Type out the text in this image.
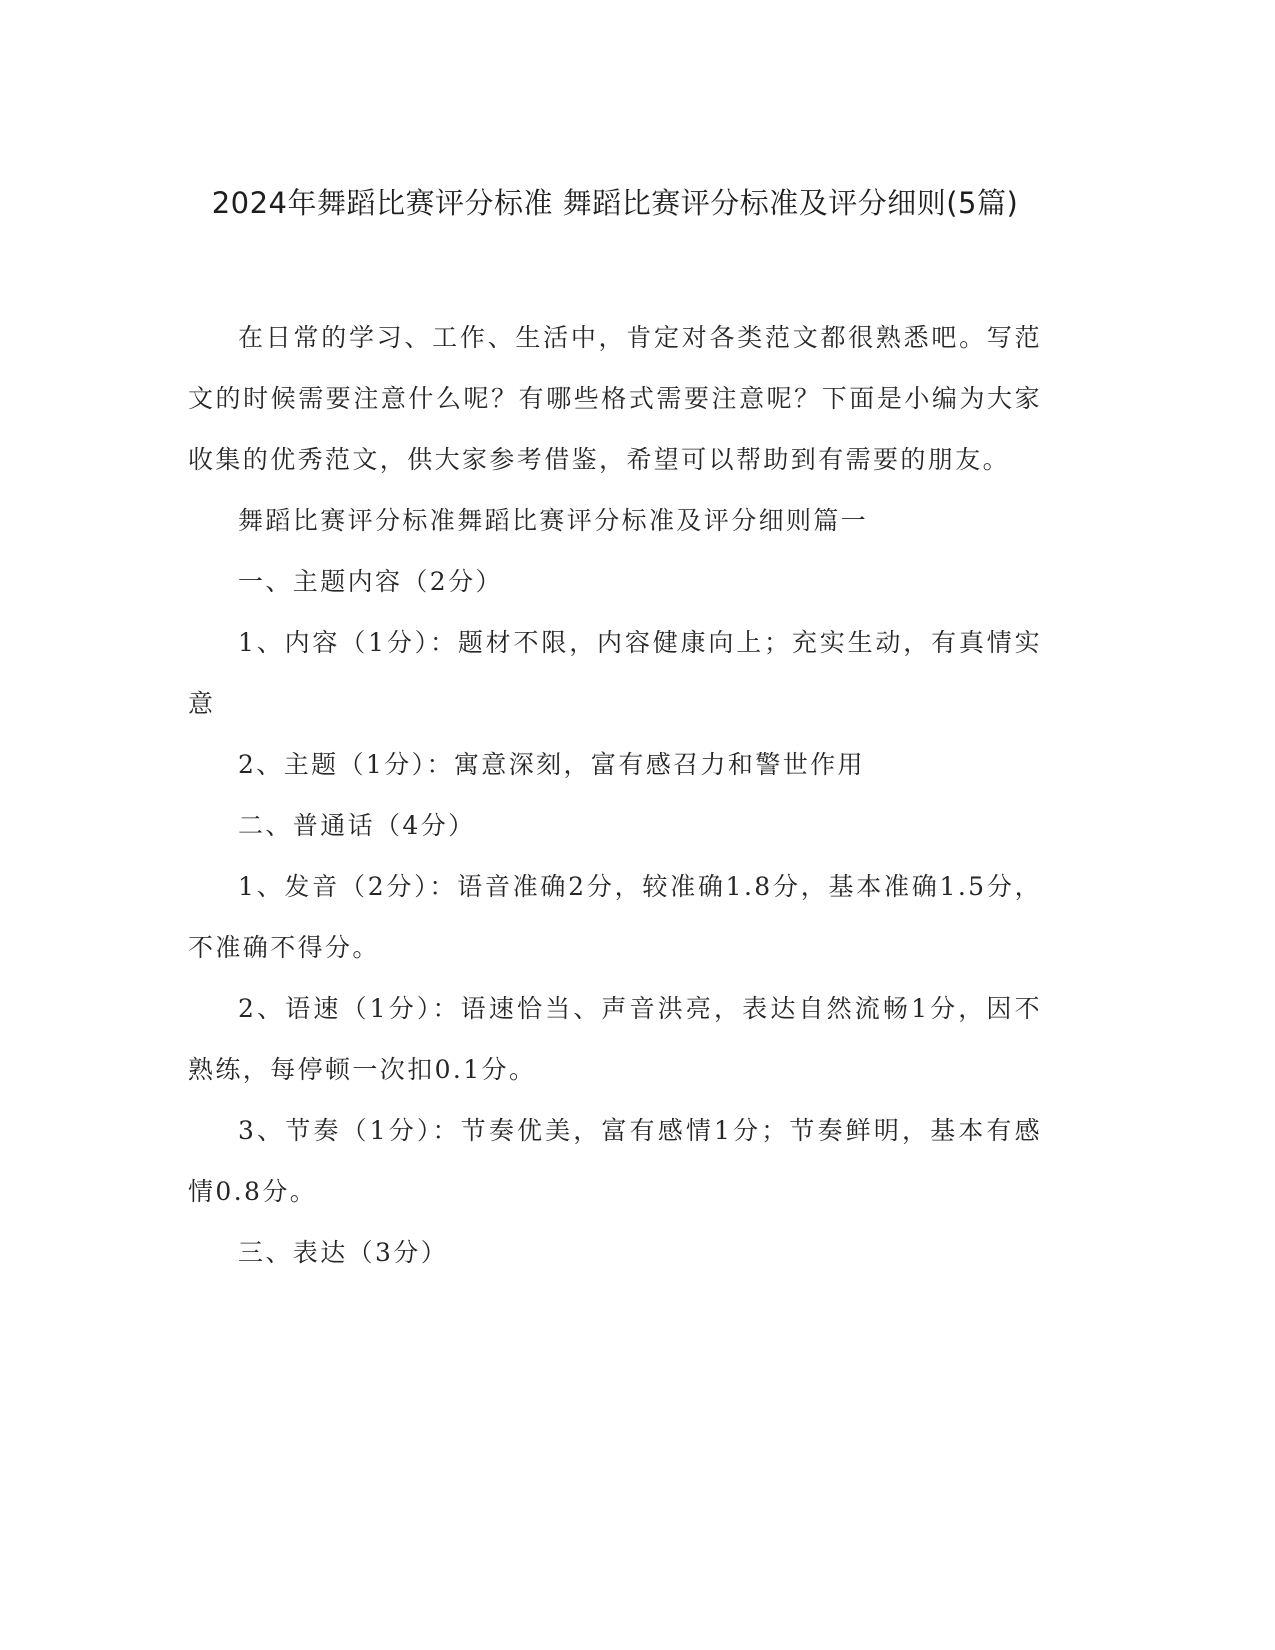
2024年舞蹈比赛评分标准 舞蹈比赛评分标准及评分细则(5篇)

在日常的学习、工作、生活中，肯定对各类范文都很熟悉吧。写范文的时候需要注意什么呢？有哪些格式需要注意呢？下面是小编为大家收集的优秀范文，供大家参考借鉴，希望可以帮助到有需要的朋友。

舞蹈比赛评分标准舞蹈比赛评分标准及评分细则篇一

一、主题内容（2分）

1、内容（1分）：题材不限，内容健康向上；充实生动，有真情实意

2、主题（1分）：寓意深刻，富有感召力和警世作用

二、普通话（4分）

1、发音（2分）：语音准确2分，较准确1.8分，基本准确1.5分，不准确不得分。

2、语速（1分）：语速恰当、声音洪亮，表达自然流畅1分，因不熟练，每停顿一次扣0.1分。

3、节奏（1分）：节奏优美，富有感情1分；节奏鲜明，基本有感情0.8分。

三、表达（3分）
